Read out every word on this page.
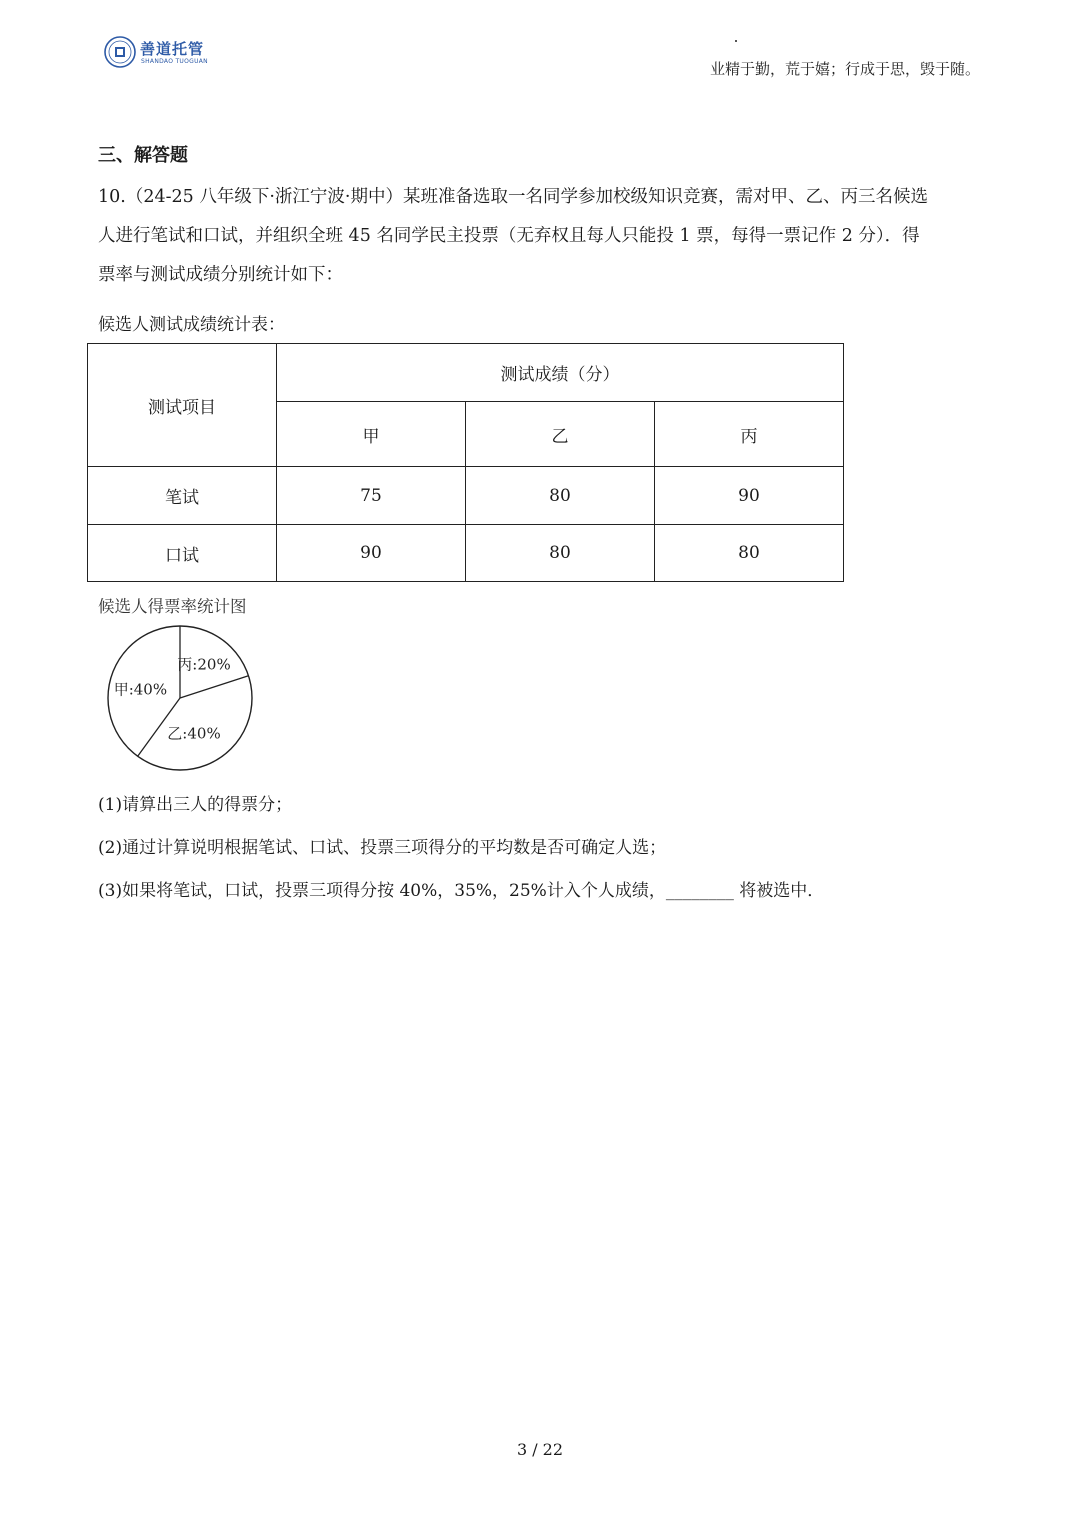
善道托管
SHANDAO TUOGUAN	业精于勤，荒于嬉；行成于思，毁于随。
三、解答题
10.（24-25 八年级下·浙江宁波·期中）某班准备选取一名同学参加校级知识竞赛，需对甲、乙、丙三名候选
人进行笔试和口试，并组织全班 45 名同学民主投票（无弃权且每人只能投 1 票，每得一票记作 2 分）．得
票率与测试成绩分别统计如下：
候选人测试成绩统计表：
测试项目	测试成绩（分）		
	甲	乙	丙
笔试	75	80	90
口试	90	80	80
候选人得票率统计图
丙:20%
乙:40%
甲:40%
(1)请算出三人的得票分；
(2)通过计算说明根据笔试、口试、投票三项得分的平均数是否可确定人选；
(3)如果将笔试，口试，投票三项得分按 40%，35%，25%计入个人成绩，________ 将被选中．
3 / 22
